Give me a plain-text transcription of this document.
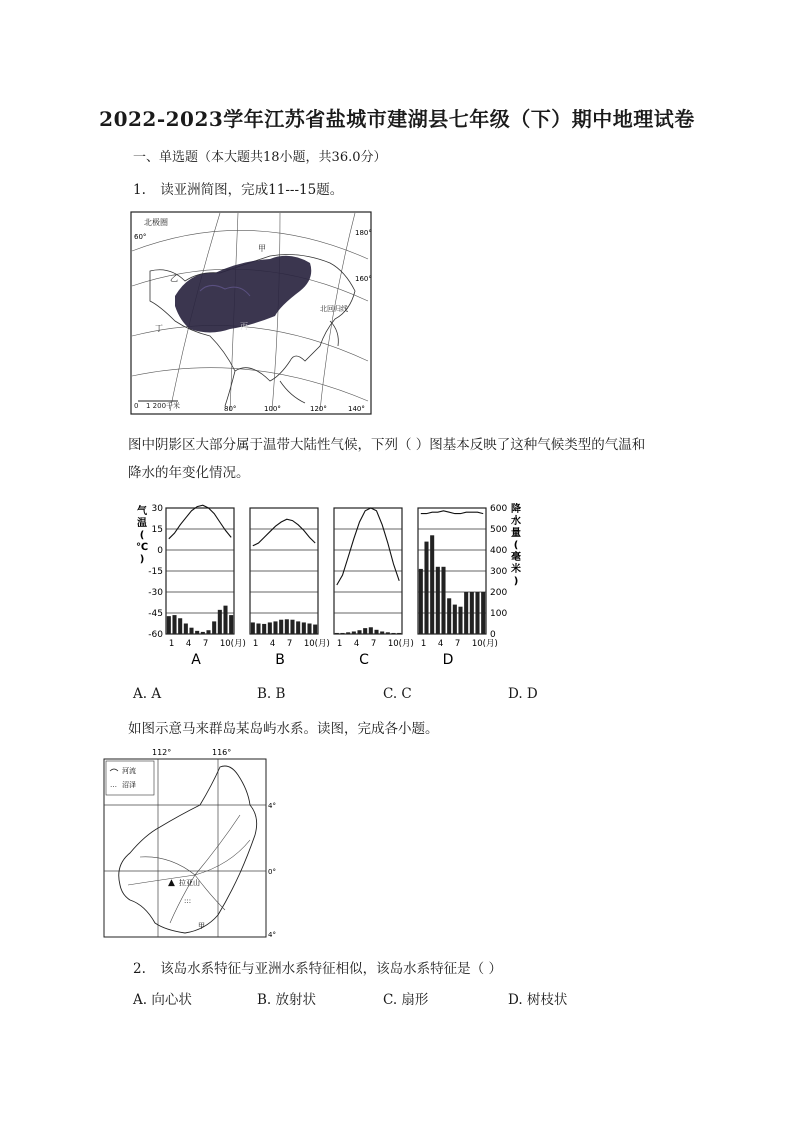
2022-2023学年江苏省盐城市建湖县七年级（下）期中地理试卷
一、单选题（本大题共18小题，共36.0分）
1. 读亚洲简图，完成11---15题。
北极圈
甲
乙
丙
丁
北回归线
0 1 200千米
60°
80°	100°	120°	140°
160°
180°
图中阴影区大部分属于温带大陆性气候，下列（ ）图基本反映了这种气候类型的气温和
降水的年变化情况。
气
温
(
℃
)
30
15
0
-15
-30
-45
-60
1 4 7 10(月)
A
1 4 7 10(月)
B
1 4 7 10(月)
C
1 4 7 10(月)
D
600
500
400
300
200
100
0
降
水
量
(
毫
米
)
A. A	B. B	C. C	D. D
如图示意马来群岛某岛屿水系。读图，完成各小题。
112°	116°
4°
0°
4°
河流
… 沼泽
▲ 拉亚山
:::
甲
2. 该岛水系特征与亚洲水系特征相似，该岛水系特征是（ ）
A. 向心状	B. 放射状	C. 扇形	D. 树枝状
